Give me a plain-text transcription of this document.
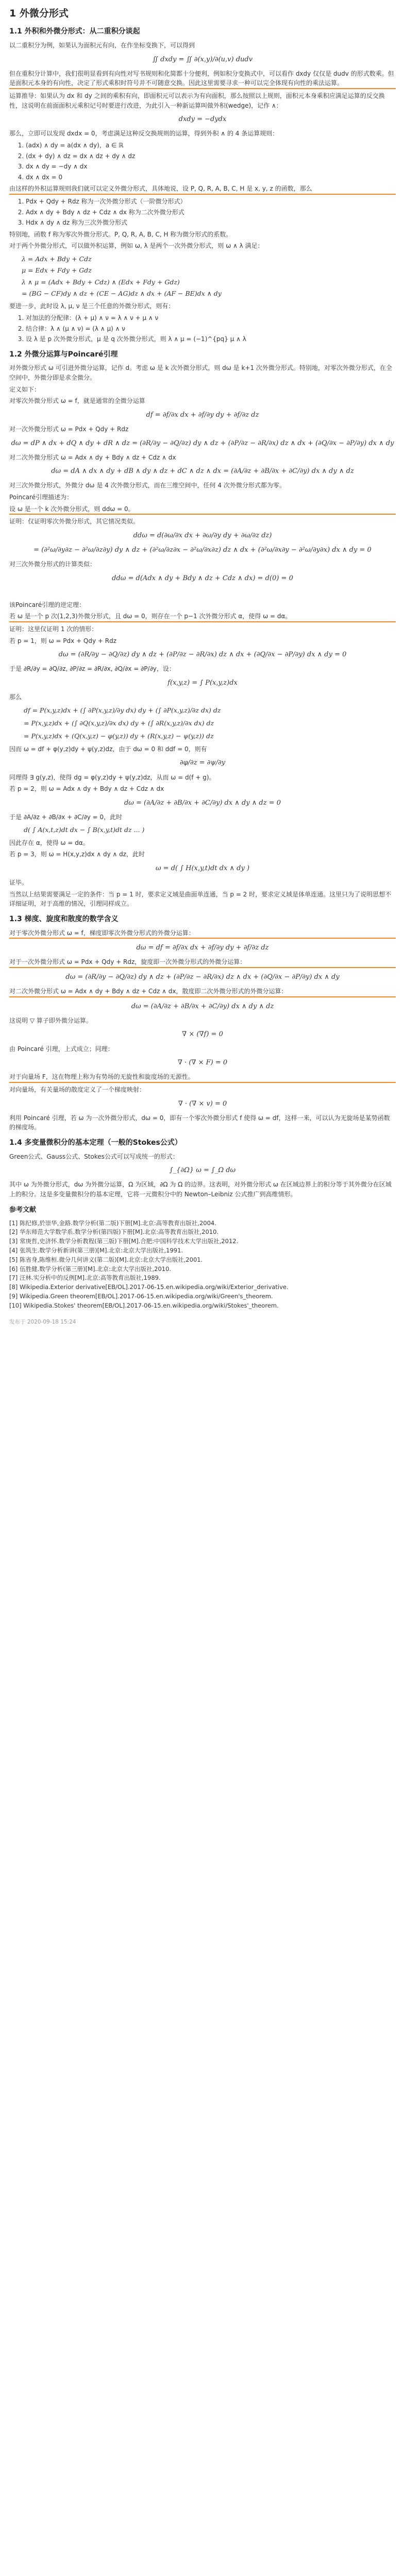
1 外微分形式
1.1 外积和外微分形式：从二重积分谈起

以二重积分为例，如果认为面积元有向，在作坐标变换下，可以得到

∬ dxdy = ∬ ∂(x,y)/∂(u,v) dudv

但在重积分计算中，我们很明显看到有向性对写书规则和化简都十分便利，例如积分变换式中，可以看作 dxdy 仅仅是 dudv 的形式数乘。但是面积元本身的有向性，决定了形式乘积时符号并不可随意交换。因此这里需要寻求一种可以完全体现有向性的乘法运算。

运算推导：如果认为 dx 和 dy 之间的乘积有向，即面积元可以表示为有向面积，那么按照以上规则，面积元本身乘积应满足运算的反交换性，这说明在前面面积元乘积记号时要进行改进，为此引入一种新运算叫做外积(wedge)，记作 ∧：

dxdy = −dydx

那么，立即可以发现 dxdx = 0，考虑满足这种反交换规则的运算，得到外积 ∧ 的 4 条运算规则：

1. (adx) ∧ dy = a(dx ∧ dy)，a ∈ ℝ
2. (dx + dy) ∧ dz = dx ∧ dz + dy ∧ dz
3. dx ∧ dy = −dy ∧ dx
4. dx ∧ dx = 0

由这样的外积运算规则我们就可以定义外微分形式，具体地说，设 P, Q, R, A, B, C, H 是 x, y, z 的函数，那么

1. Pdx + Qdy + Rdz 称为一次外微分形式（一阶微分形式）
2. Adx ∧ dy + Bdy ∧ dz + Cdz ∧ dx 称为二次外微分形式
3. Hdx ∧ dy ∧ dz 称为三次外微分形式

特别地，函数 f 称为零次外微分形式。P, Q, R, A, B, C, H 称为微分形式的系数。

对于两个外微分形式，可以做外积运算，例如 ω, λ 是两个一次外微分形式，则 ω ∧ λ 满足：

λ = Adx + Bdy + Cdz
μ = Edx + Fdy + Gdz
λ ∧ μ = (Adx + Bdy + Cdz) ∧ (Edx + Fdy + Gdz)
= (BG − CF)dy ∧ dz + (CE − AG)dz ∧ dx + (AF − BE)dx ∧ dy

要进一步，此时设 λ, μ, ν 是三个任意的外微分形式，则有：

1. 对加法的分配律：(λ + μ) ∧ ν = λ ∧ ν + μ ∧ ν
2. 结合律：λ ∧ (μ ∧ ν) = (λ ∧ μ) ∧ ν
3. 设 λ 是 p 次外微分形式，μ 是 q 次外微分形式，则 λ ∧ μ = (−1)^{pq} μ ∧ λ
1.2 外微分运算与Poincaré引理

对外微分形式 ω 可引进外微分运算，记作 d。考虑 ω 是 k 次外微分形式，则 dω 是 k+1 次外微分形式。特别地，对零次外微分形式，在全空间中，外微分即是求全微分。

定义如下：

对零次外微分形式 ω = f，就是通常的全微分运算

df = ∂f/∂x dx + ∂f/∂y dy + ∂f/∂z dz

对一次外微分形式 ω = Pdx + Qdy + Rdz

dω = dP ∧ dx + dQ ∧ dy + dR ∧ dz = (∂R/∂y − ∂Q/∂z) dy ∧ dz + (∂P/∂z − ∂R/∂x) dz ∧ dx + (∂Q/∂x − ∂P/∂y) dx ∧ dy

对二次外微分形式 ω = Adx ∧ dy + Bdy ∧ dz + Cdz ∧ dx

dω = dA ∧ dx ∧ dy + dB ∧ dy ∧ dz + dC ∧ dz ∧ dx = (∂A/∂z + ∂B/∂x + ∂C/∂y) dx ∧ dy ∧ dz

对三次外微分形式，外微分 dω 是 4 次外微分形式，而在三维空间中，任何 4 次外微分形式都为零。

Poincaré引理描述为：

设 ω 是一个 k 次外微分形式，则 ddω = 0。

证明：仅证明零次外微分形式，其它情况类似。

ddω = d(∂ω/∂x dx + ∂ω/∂y dy + ∂ω/∂z dz)
= (∂²ω/∂y∂z − ∂²ω/∂z∂y) dy ∧ dz + (∂²ω/∂z∂x − ∂²ω/∂x∂z) dz ∧ dx + (∂²ω/∂x∂y − ∂²ω/∂y∂x) dx ∧ dy = 0

对三次外微分形式的计算类似：

ddω = d(Adx ∧ dy + Bdy ∧ dz + Cdz ∧ dx) = d(0) = 0

该Poincaré引理的逆定理：

若 ω 是一个 p 次(1,2,3)外微分形式，且 dω = 0，则存在一个 p−1 次外微分形式 α，使得 ω = dα。

证明：这里仅证明 1 次的情形：

若 p = 1，则 ω = Pdx + Qdy + Rdz

dω = (∂R/∂y − ∂Q/∂z) dy ∧ dz + (∂P/∂z − ∂R/∂x) dz ∧ dx + (∂Q/∂x − ∂P/∂y) dx ∧ dy = 0

于是 ∂R/∂y = ∂Q/∂z, ∂P/∂z = ∂R/∂x, ∂Q/∂x = ∂P/∂y，设：

f(x,y,z) = ∫ P(x,y,z)dx

那么

df = P(x,y,z)dx + (∫ ∂P(x,y,z)/∂y dx) dy + (∫ ∂P(x,y,z)/∂z dx) dz
= P(x,y,z)dx + (∫ ∂Q(x,y,z)/∂x dx) dy + (∫ ∂R(x,y,z)/∂x dx) dz
= P(x,y,z)dx + (Q(x,y,z) − φ(y,z)) dy + (R(x,y,z) − ψ(y,z)) dz

因而 ω = df + φ(y,z)dy + ψ(y,z)dz，由于 dω = 0 和 ddf = 0，则有

∂φ/∂z = ∂ψ/∂y

同理得 ∃ g(y,z)，使得 dg = φ(y,z)dy + ψ(y,z)dz，从而 ω = d(f + g)。

若 p = 2，则 ω = Adx ∧ dy + Bdy ∧ dz + Cdz ∧ dx

dω = (∂A/∂z + ∂B/∂x + ∂C/∂y) dx ∧ dy ∧ dz = 0

于是 ∂A/∂z + ∂B/∂x + ∂C/∂y = 0，此时

d( ∫ A(x,t,z)dt dx − ∫ B(x,y,t)dt dz ... )

因此存在 α，使得 ω = dα。

若 p = 3，则 ω = H(x,y,z)dx ∧ dy ∧ dz，此时

ω = d( ∫ H(x,y,t)dt dx ∧ dy )

证毕。

当然以上结果需要满足一定的条件：当 p = 1 时，要求定义域是曲面单连通，当 p = 2 时，要求定义域是体单连通。这里只为了说明思想不详细证明，对于高维的情况，引理同样成立。

1.3 梯度、旋度和散度的数学含义

对于零次外微分形式 ω = f，梯度即零次外微分形式的外微分运算：

dω = df = ∂f/∂x dx + ∂f/∂y dy + ∂f/∂z dz

对于一次外微分形式 ω = Pdx + Qdy + Rdz，旋度即一次外微分形式的外微分运算：

dω = (∂R/∂y − ∂Q/∂z) dy ∧ dz + (∂P/∂z − ∂R/∂x) dz ∧ dx + (∂Q/∂x − ∂P/∂y) dx ∧ dy

对二次外微分形式 ω = Adx ∧ dy + Bdy ∧ dz + Cdz ∧ dx，散度即二次外微分形式的外微分运算：

dω = (∂A/∂z + ∂B/∂x + ∂C/∂y) dx ∧ dy ∧ dz

这说明 ▽ 算子即外微分运算。

∇ × (∇f) = 0

由 Poincaré 引理，上式成立；同理：

∇ · (∇ × F) = 0

对于向量场 F，这在物理上称为有势场的无旋性和旋度场的无源性。

对向量场，有关量场的散度定义了一个梯度映射：

∇ · (∇ × v) = 0

利用 Poincaré 引理，若 ω 为一次外微分形式，dω = 0，即有一个零次外微分形式 f 使得 ω = df，这样一来，可以认为无旋场是某势函数的梯度场。

1.4 多变量微积分的基本定理（一般的Stokes公式）

Green公式、Gauss公式、Stokes公式可以写成统一的形式：

∫_{∂Ω} ω = ∫_Ω dω

其中 ω 为外微分形式，dω 为外微分运算，Ω 为区域，∂Ω 为 Ω 的边界。这表明，对外微分形式 ω 在区域边界上的积分等于其外微分在区域上的积分。这是多变量微积分的基本定理，它将一元微积分中的 Newton–Leibniz 公式推广到高维情形。

参考文献
[1] 陈纪修,於崇华,金路.数学分析(第二版)下册[M].北京:高等教育出版社,2004.
[2] 华东师范大学数学系.数学分析(第四版)下册[M].北京:高等教育出版社,2010.
[3] 常庚哲,史济怀.数学分析教程(第三版)下册[M].合肥:中国科学技术大学出版社,2012.
[4] 张筑生.数学分析新讲(第三册)[M].北京:北京大学出版社,1991.
[5] 陈省身,陈维桓.微分几何讲义(第二版)[M].北京:北京大学出版社,2001.
[6] 伍胜健.数学分析(第三册)[M].北京:北京大学出版社,2010.
[7] 汪林.实分析中的反例[M].北京:高等教育出版社,1989.
[8] Wikipedia.Exterior derivative[EB/OL].2017-06-15.en.wikipedia.org/wiki/Exterior_derivative.
[9] Wikipedia.Green theorem[EB/OL].2017-06-15.en.wikipedia.org/wiki/Green's_theorem.
[10] Wikipedia.Stokes' theorem[EB/OL].2017-06-15.en.wikipedia.org/wiki/Stokes'_theorem.
发布于 2020-09-18 15:24
